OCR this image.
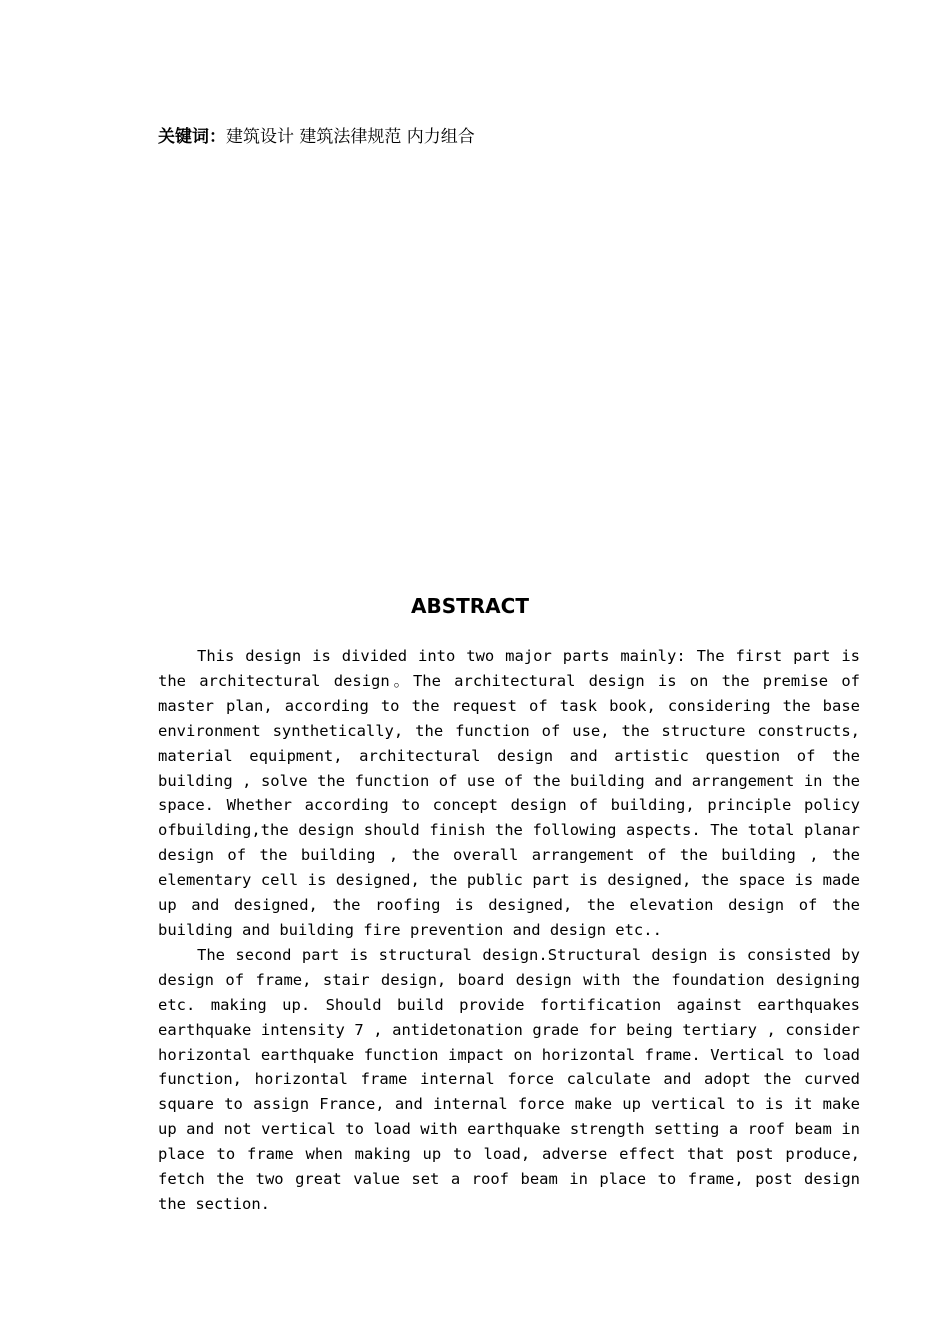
关键词：建筑设计 建筑法律规范 内力组合
ABSTRACT

This design is divided into two major parts mainly: The first part is the architectural design。The architectural design is on the premise of master plan, according to the request of task book, considering the base environment synthetically, the function of use, the structure constructs, material equipment, architectural design and artistic question of the building , solve the function of use of the building and arrangement in the space. Whether according to concept design of building, principle policy ofbuilding,the design should finish the following aspects. The total planar design of the building , the overall arrangement of the building , the elementary cell is designed, the public part is designed, the space is made up and designed, the roofing is designed, the elevation design of the building and building fire prevention and design etc..

The second part is structural design.Structural design is consisted by design of frame, stair design, board design with the foundation designing etc. making up. Should build provide fortification against earthquakes earthquake intensity 7 , antidetonation grade for being tertiary , consider horizontal earthquake function impact on horizontal frame. Vertical to load function, horizontal frame internal force calculate and adopt the curved square to assign France, and internal force make up vertical to is it make up and not vertical to load with earthquake strength setting a roof beam in place to frame when making up to load, adverse effect that post produce, fetch the two great value set a roof beam in place to frame, post design the section.
